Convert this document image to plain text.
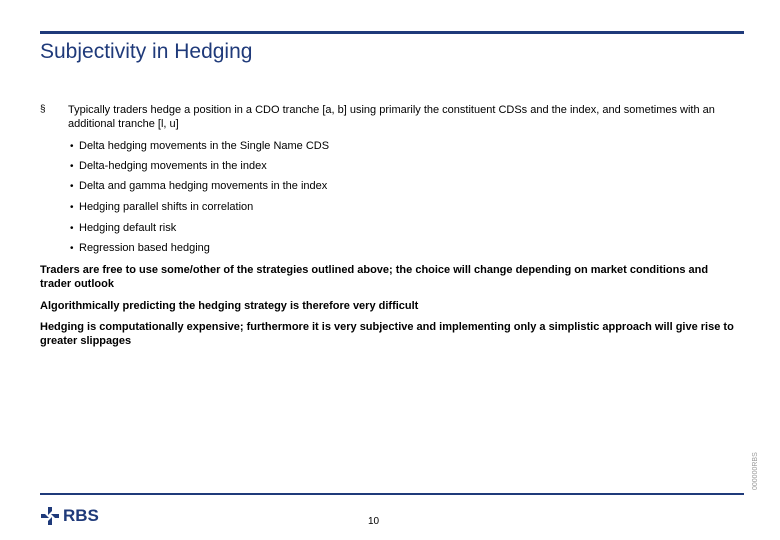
Subjectivity in Hedging
§ Typically traders hedge a position in a CDO tranche [a, b] using primarily the constituent CDSs and the index, and sometimes with an additional tranche [l, u]
• Delta hedging movements in the Single Name CDS
• Delta-hedging movements in the index
• Delta and gamma hedging movements in the index
• Hedging parallel shifts in correlation
• Hedging default risk
• Regression based hedging
Traders are free to use some/other of the strategies outlined above; the choice will change depending on market conditions and trader outlook
Algorithmically predicting the hedging strategy is therefore very difficult
Hedging is computationally expensive; furthermore it is very subjective and implementing only a simplistic approach will give rise to greater slippages
000000RBS
RBS	10
